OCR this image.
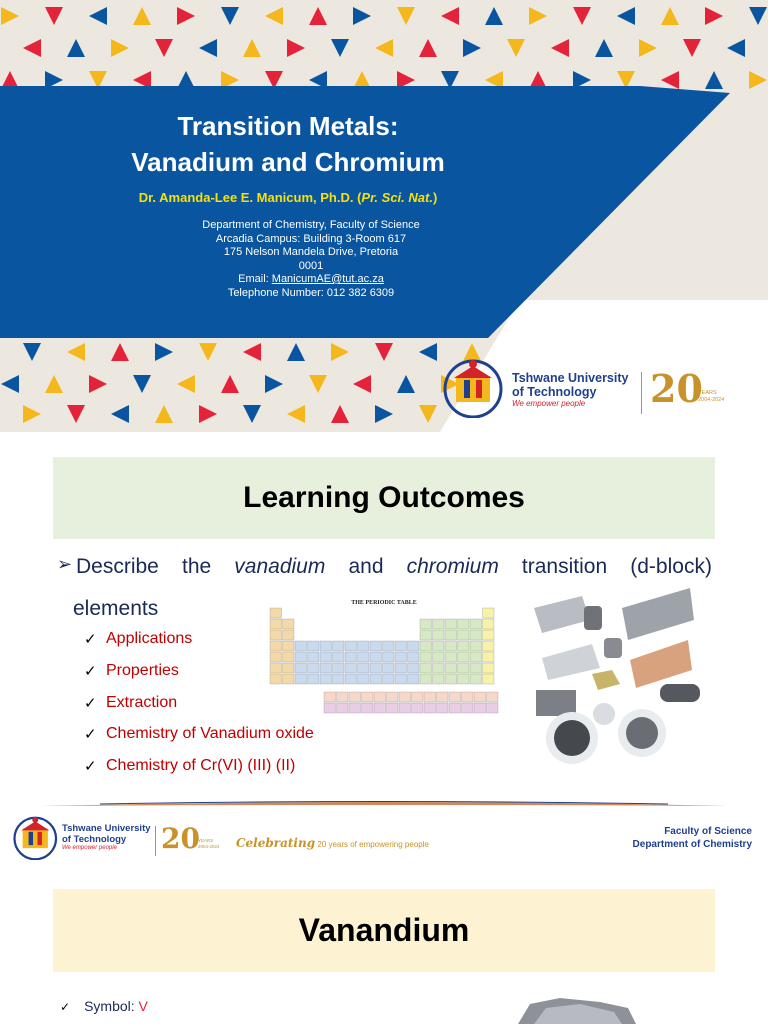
Transition Metals:
Vanadium and Chromium
Dr. Amanda-Lee E. Manicum, Ph.D. (Pr. Sci. Nat.)
Department of Chemistry, Faculty of Science
Arcadia Campus: Building 3-Room 617
175 Nelson Mandela Drive, Pretoria
0001
Email: ManicumAE@tut.ac.za
Telephone Number: 012 382 6309
Tshwane University
of Technology
We empower people	20
YEARS
2004-2024
Learning Outcomes
➢ Describe the vanadium and chromium transition (d-block)
elements
✓ Applications
✓ Properties
✓ Extraction
✓ Chemistry of Vanadium oxide
✓ Chemistry of Cr(VI) (III) (II)
THE PERIODIC TABLE
Tshwane University
of Technology
We empower people	20
YEARS
2004-2024 Celebrating 20 years of empowering people
Faculty of Science
Department of Chemistry
Vanandium
✓ Symbol: V
